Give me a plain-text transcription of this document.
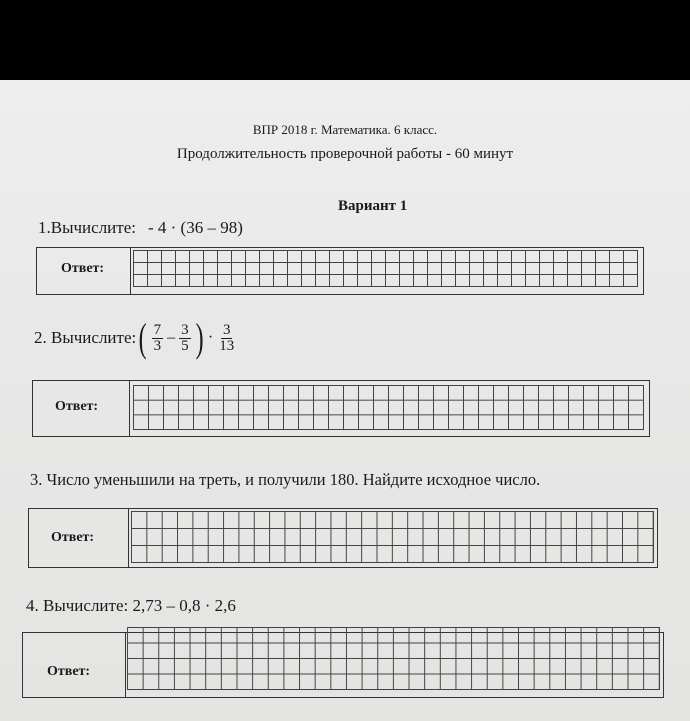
ВПР 2018 г. Математика. 6 класс.
Продолжительность проверочной работы - 60 минут
Вариант 1
1.Вычислите: - 4 · (36 – 98)
Ответ:
2. Вычислите: ( $\frac{7}{3} - \frac{3}{5}$ ) · $\frac{3}{13}$
Ответ:
3. Число уменьшили на треть, и получили 180. Найдите исходное число.
Ответ:
4. Вычислите: 2,73 – 0,8 · 2,6
Ответ:
